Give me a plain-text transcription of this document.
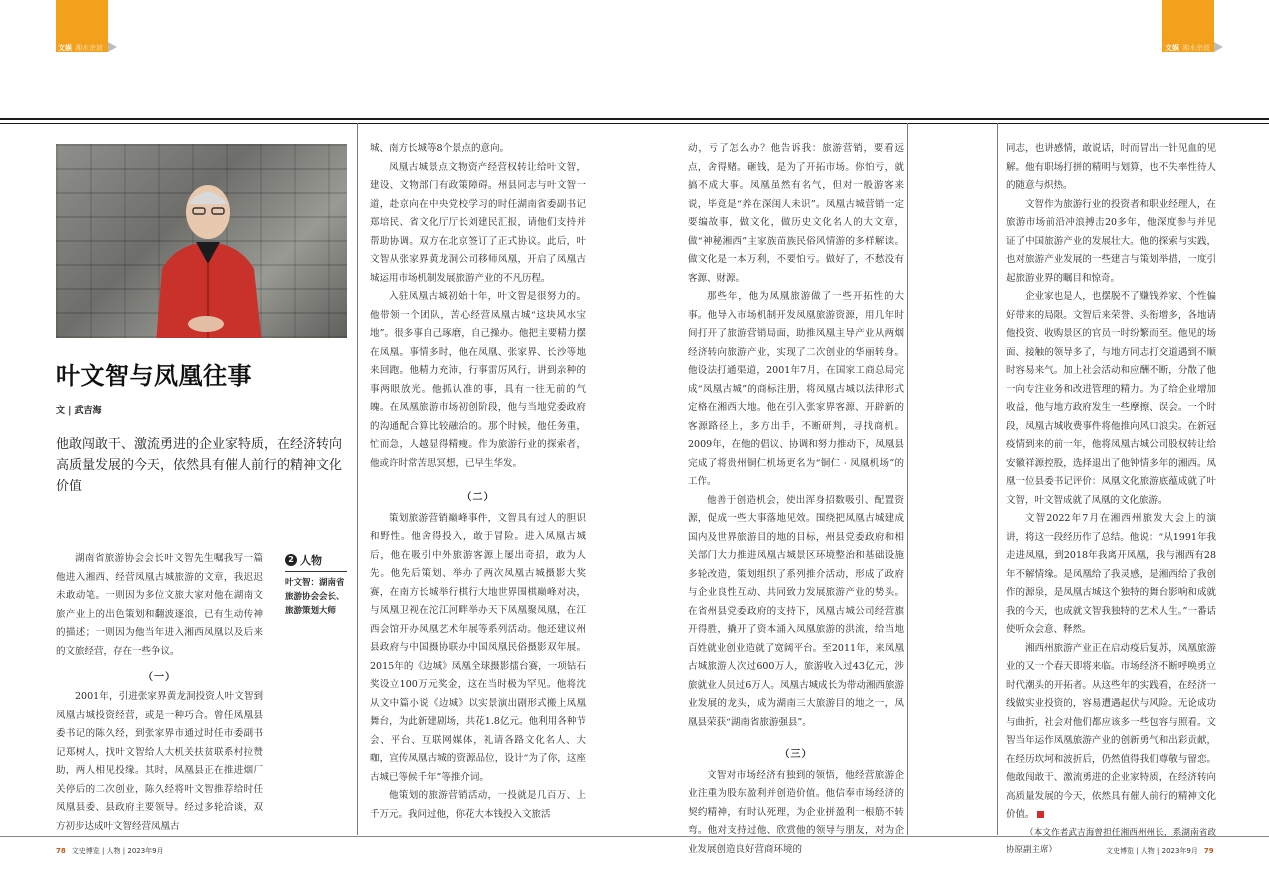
文娱 湘水余波	文娱 湘水余波
叶文智与凤凰往事
文 | 武吉海
他敢闯敢干、激流勇进的企业家特质，在经济转向高质量发展的今天，依然具有催人前行的精神文化价值

湖南省旅游协会会长叶文智先生嘱我写一篇他进入湘西、经营凤凰古城旅游的文章，我迟迟未敢动笔。一则因为多位文旅大家对他在湖南文旅产业上的出色策划和翻波逐浪，已有生动传神的描述；一则因为他当年进入湘西凤凰以及后来的文旅经营，存在一些争议。

2 人物
叶文智：湖南省旅游协会会长、旅游策划大师
（一）

2001年，引进张家界黄龙洞投资人叶文智到凤凰古城投资经营，或是一种巧合。曾任凤凰县委书记的陈久经，到张家界市通过时任市委副书记郑树人，找叶文智给人大机关扶贫联系村拉赞助，两人相见投缘。其时，凤凰县正在推进烟厂关停后的二次创业，陈久经将叶文智推荐给时任凤凰县委、县政府主要领导。经过多轮洽谈，双方初步达成叶文智经营凤凰古

城、南方长城等8个景点的意向。

凤凰古城景点文物资产经营权转让给叶文智，建设、文物部门有政策障碍。州县同志与叶文智一道，赴京向在中央党校学习的时任湖南省委副书记郑培民、省文化厅厅长刘建民汇报，请他们支持并帮助协调。双方在北京签订了正式协议。此后，叶文智从张家界黄龙洞公司移师凤凰，开启了凤凰古城运用市场机制发展旅游产业的不凡历程。

入驻凤凰古城初始十年，叶文智是很努力的。他带领一个团队，苦心经营凤凰古城“这块风水宝地”。很多事自己琢磨，自己操办。他把主要精力摆在凤凰。事情多时，他在凤凰、张家界、长沙等地来回跑。他精力充沛，行事雷厉风行，讲到亲种的事两眼放光。他抓认准的事，具有一往无前的气魄。在凤凰旅游市场初创阶段，他与当地党委政府的沟通配合算比较融洽的。那个时候，他任务重，忙而急，人越显得精瘦。作为旅游行业的探索者，他或许时常苦思冥想，已早生华发。

（二）

策划旅游营销巅峰事件，文智具有过人的胆识和野性。他舍得投入，敢于冒险。进入凤凰古城后，他在吸引中外旅游客源上屡出奇招，敢为人先。他先后策划、举办了两次凤凰古城摄影大奖赛，在南方长城举行棋行大地世界围棋巅峰对决，与凤凰卫视在沱江河畔举办天下凤凰聚凤凰，在江西会馆开办凤凰艺术年展等系列活动。他还建议州县政府与中国摄协联办中国凤凰民俗摄影双年展。2015年的《边城》凤凰全球摄影擂台赛，一项钻石奖设立100万元奖金，这在当时极为罕见。他将沈从文中篇小说《边城》以实景演出剧形式搬上凤凰舞台，为此新建剧场，共花1.8亿元。他利用各种节会、平台、互联网媒体，礼请各路文化名人、大咖，宣传凤凰古城的资源品位，设计“为了你，这座古城已等候千年”等推介词。

他策划的旅游营销活动，一投就是几百万、上千万元。我问过他，你花大本钱投入文旅活

动，亏了怎么办？他告诉我：旅游营销，要看远点，舍得赌。砸钱，是为了开拓市场。你怕亏，就搞不成大事。凤凰虽然有名气，但对一般游客来说，毕竟是“养在深闺人未识”。凤凰古城营销一定要编故事，做文化，做历史文化名人的大文章，做“神秘湘西”主家族苗族民俗风情游的多样解读。做文化是一本万利，不要怕亏。做好了，不愁没有客源、财源。

那些年，他为凤凰旅游做了一些开拓性的大事。他导入市场机制开发凤凰旅游资源，用几年时间打开了旅游营销局面，助推凤凰主导产业从两烟经济转向旅游产业，实现了二次创业的华丽转身。他设法打通渠道，2001年7月，在国家工商总局完成“凤凰古城”的商标注册，将凤凰古城以法律形式定格在湘西大地。他在引入张家界客源、开辟新的客源路径上，多方出手，不断研判，寻找商机。2009年，在他的倡议、协调和努力推动下，凤凰县完成了将贵州铜仁机场更名为“铜仁 · 凤凰机场”的工作。

他善于创造机会，使出浑身招数吸引、配置资源，促成一些大事落地见效。围绕把凤凰古城建成国内及世界旅游目的地的目标，州县党委政府和相关部门大力推进凤凰古城景区环境整治和基础设施多轮改造，策划组织了系列推介活动，形成了政府与企业良性互动、共同致力发展旅游产业的势头。在省州县党委政府的支持下，凤凰古城公司经营旗开得胜，撬开了资本涌入凤凰旅游的洪流，给当地百姓就业创业造就了宽阔平台。至2011年，来凤凰古城旅游人次过600万人，旅游收入过43亿元，涉旅就业人员过6万人。凤凰古城成长为带动湘西旅游业发展的龙头，成为湖南三大旅游目的地之一，凤凰县荣获“湖南省旅游强县”。

（三）

文智对市场经济有独到的领悟，他经营旅游企业注重为股东盈利并创造价值。他信奉市场经济的契约精神，有时认死理，为企业拼盈利一根筋不转弯。他对支持过他、欣赏他的领导与朋友，对为企业发展创造良好营商环境的

同志，也讲感情，敢说话，时而冒出一针见血的见解。他有职场打拼的精明与划算，也不失率性待人的随意与炽热。

文智作为旅游行业的投资者和职业经理人，在旅游市场前沿冲浪搏击20多年，他深度参与并见证了中国旅游产业的发展壮大。他的探索与实践，也对旅游产业发展的一些建言与策划举措，一度引起旅游业界的瞩目和惊奇。

企业家也是人，也摆脱不了赚钱养家、个性偏好带来的局限。文智后来荣誉、头衔增多，各地请他投资、收购景区的官员一时纷繁而至。他见的场面、接触的领导多了，与地方同志打交道遇到不顺时容易来气。加上社会活动和应酬不断，分散了他一向专注业务和改进管理的精力。为了给企业增加收益，他与地方政府发生一些摩擦、误会。一个时段，凤凰古城收费事件将他推向风口浪尖。在新冠疫情到来的前一年，他将凤凰古城公司股权转让给安徽祥源控股，选择退出了他钟情多年的湘西。凤凰一位县委书记评价：凤凰文化旅游底蕴成就了叶文智，叶文智成就了凤凰的文化旅游。

文智2022年7月在湘西州旅发大会上的演讲，将这一段经历作了总结。他说：“从1991年我走进凤凰，到2018年我离开凤凰，我与湘西有28年不解情缘。是凤凰给了我灵感，是湘西给了我创作的源泉，是凤凰古城这个独特的舞台影响和成就我的今天，也成就文智我独特的艺术人生。”一番话使听众会意、释然。

湘西州旅游产业正在启动疫后复苏，凤凰旅游业的又一个春天即将来临。市场经济不断呼唤勇立时代潮头的开拓者。从这些年的实践看，在经济一线做实业投资的，容易遭遇起伏与风险。无论成功与曲折，社会对他们都应该多一些包容与照看。文智当年运作凤凰旅游产业的创新勇气和出彩贡献，在经历坎坷和波折后，仍然值得我们尊敬与留恋。他敢闯敢干、激流勇进的企业家特质，在经济转向高质量发展的今天，依然具有催人前行的精神文化价值。

（本文作者武吉海曾担任湘西州州长，系湖南省政协原副主席）

78 文史博览 | 人物 | 2023年9月	文史博览 | 人物 | 2023年9月 79
